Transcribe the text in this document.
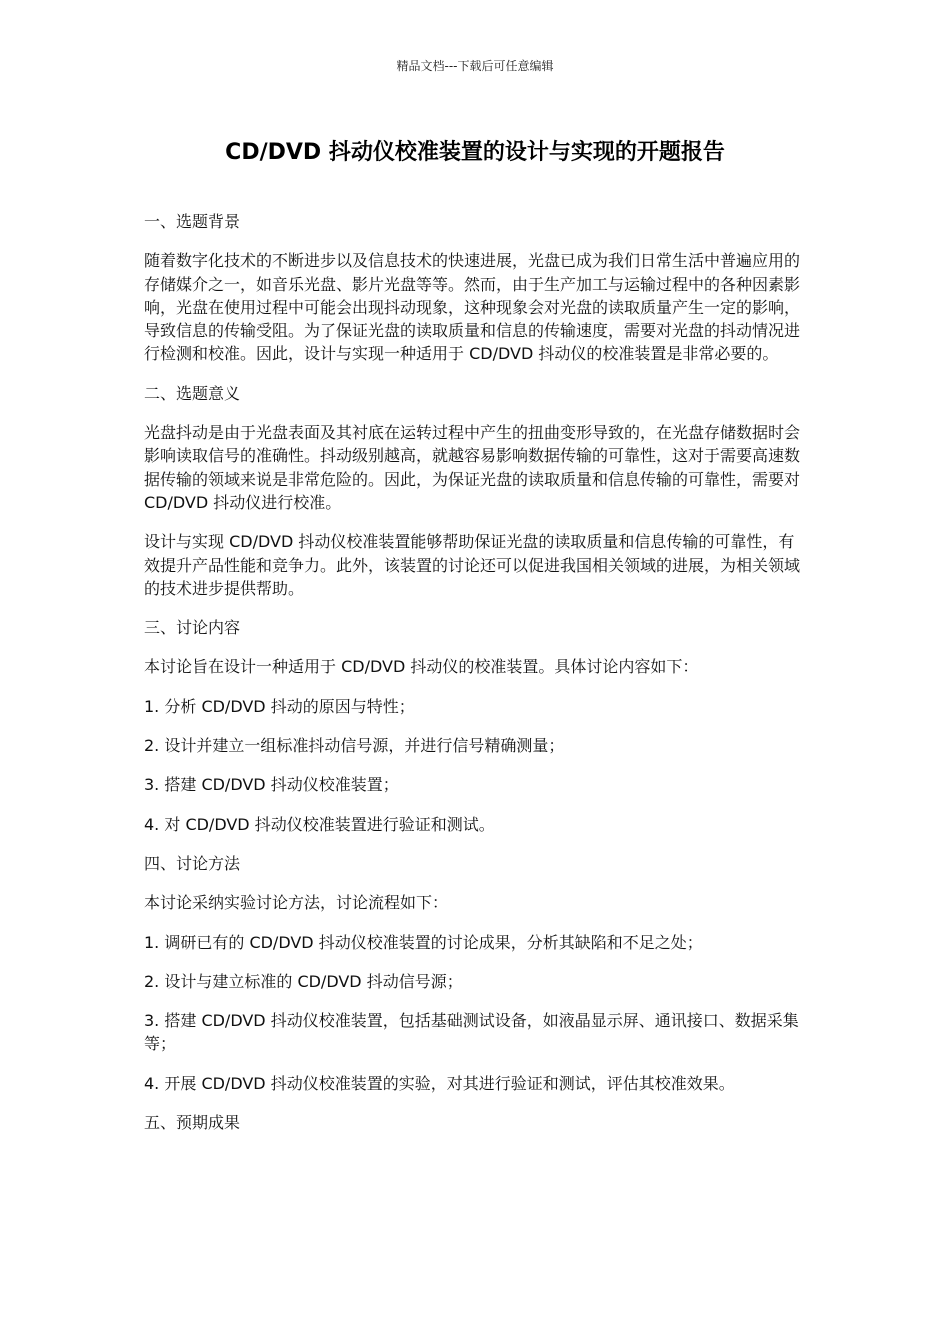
精品文档---下载后可任意编辑
CD/DVD 抖动仪校准装置的设计与实现的开题报告

一、选题背景

随着数字化技术的不断进步以及信息技术的快速进展，光盘已成为我们日常生活中普遍应用的存储媒介之一，如音乐光盘、影片光盘等等。然而，由于生产加工与运输过程中的各种因素影响，光盘在使用过程中可能会出现抖动现象，这种现象会对光盘的读取质量产生一定的影响，导致信息的传输受阻。为了保证光盘的读取质量和信息的传输速度，需要对光盘的抖动情况进行检测和校准。因此，设计与实现一种适用于 CD/DVD 抖动仪的校准装置是非常必要的。

二、选题意义

光盘抖动是由于光盘表面及其衬底在运转过程中产生的扭曲变形导致的，在光盘存储数据时会影响读取信号的准确性。抖动级别越高，就越容易影响数据传输的可靠性，这对于需要高速数据传输的领域来说是非常危险的。因此，为保证光盘的读取质量和信息传输的可靠性，需要对 CD/DVD 抖动仪进行校准。

设计与实现 CD/DVD 抖动仪校准装置能够帮助保证光盘的读取质量和信息传输的可靠性，有效提升产品性能和竞争力。此外，该装置的讨论还可以促进我国相关领域的进展，为相关领域的技术进步提供帮助。

三、讨论内容

本讨论旨在设计一种适用于 CD/DVD 抖动仪的校准装置。具体讨论内容如下：

1. 分析 CD/DVD 抖动的原因与特性；

2. 设计并建立一组标准抖动信号源，并进行信号精确测量；

3. 搭建 CD/DVD 抖动仪校准装置；

4. 对 CD/DVD 抖动仪校准装置进行验证和测试。

四、讨论方法

本讨论采纳实验讨论方法，讨论流程如下：

1. 调研已有的 CD/DVD 抖动仪校准装置的讨论成果，分析其缺陷和不足之处；

2. 设计与建立标准的 CD/DVD 抖动信号源；

3. 搭建 CD/DVD 抖动仪校准装置，包括基础测试设备，如液晶显示屏、通讯接口、数据采集等；

4. 开展 CD/DVD 抖动仪校准装置的实验，对其进行验证和测试，评估其校准效果。

五、预期成果
